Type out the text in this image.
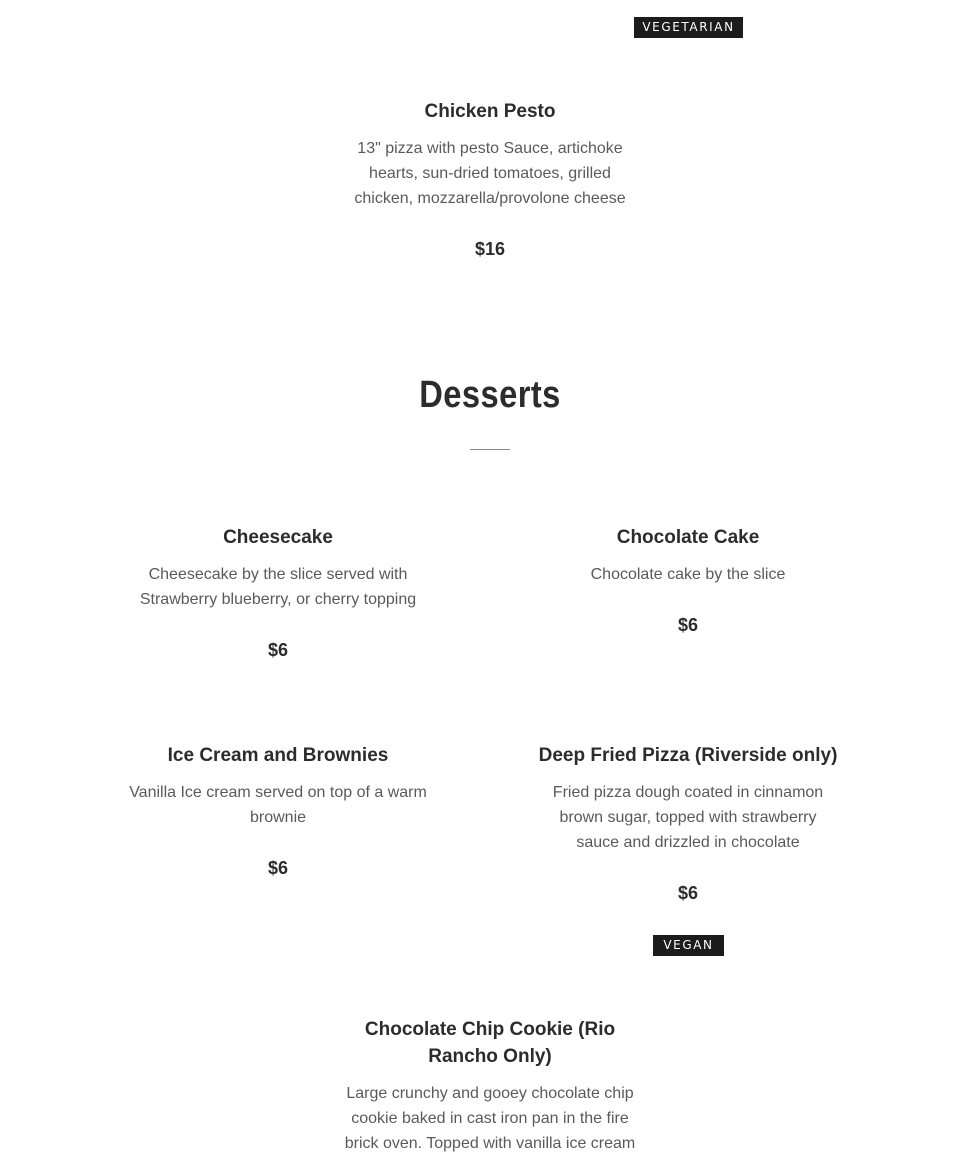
VEGETARIAN

Chicken Pesto

13" pizza with pesto Sauce, artichoke

hearts, sun-dried tomatoes, grilled

chicken, mozzarella/provolone cheese

$16

Desserts

Cheesecake

Cheesecake by the slice served with

Strawberry blueberry, or cherry topping

$6

Chocolate Cake

Chocolate cake by the slice

$6

Ice Cream and Brownies

Vanilla Ice cream served on top of a warm

brownie

$6

Deep Fried Pizza (Riverside only)

Fried pizza dough coated in cinnamon

brown sugar, topped with strawberry

sauce and drizzled in chocolate

$6

VEGAN

Chocolate Chip Cookie (Rio

Rancho Only)

Large crunchy and gooey chocolate chip

cookie baked in cast iron pan in the fire

brick oven. Topped with vanilla ice cream
